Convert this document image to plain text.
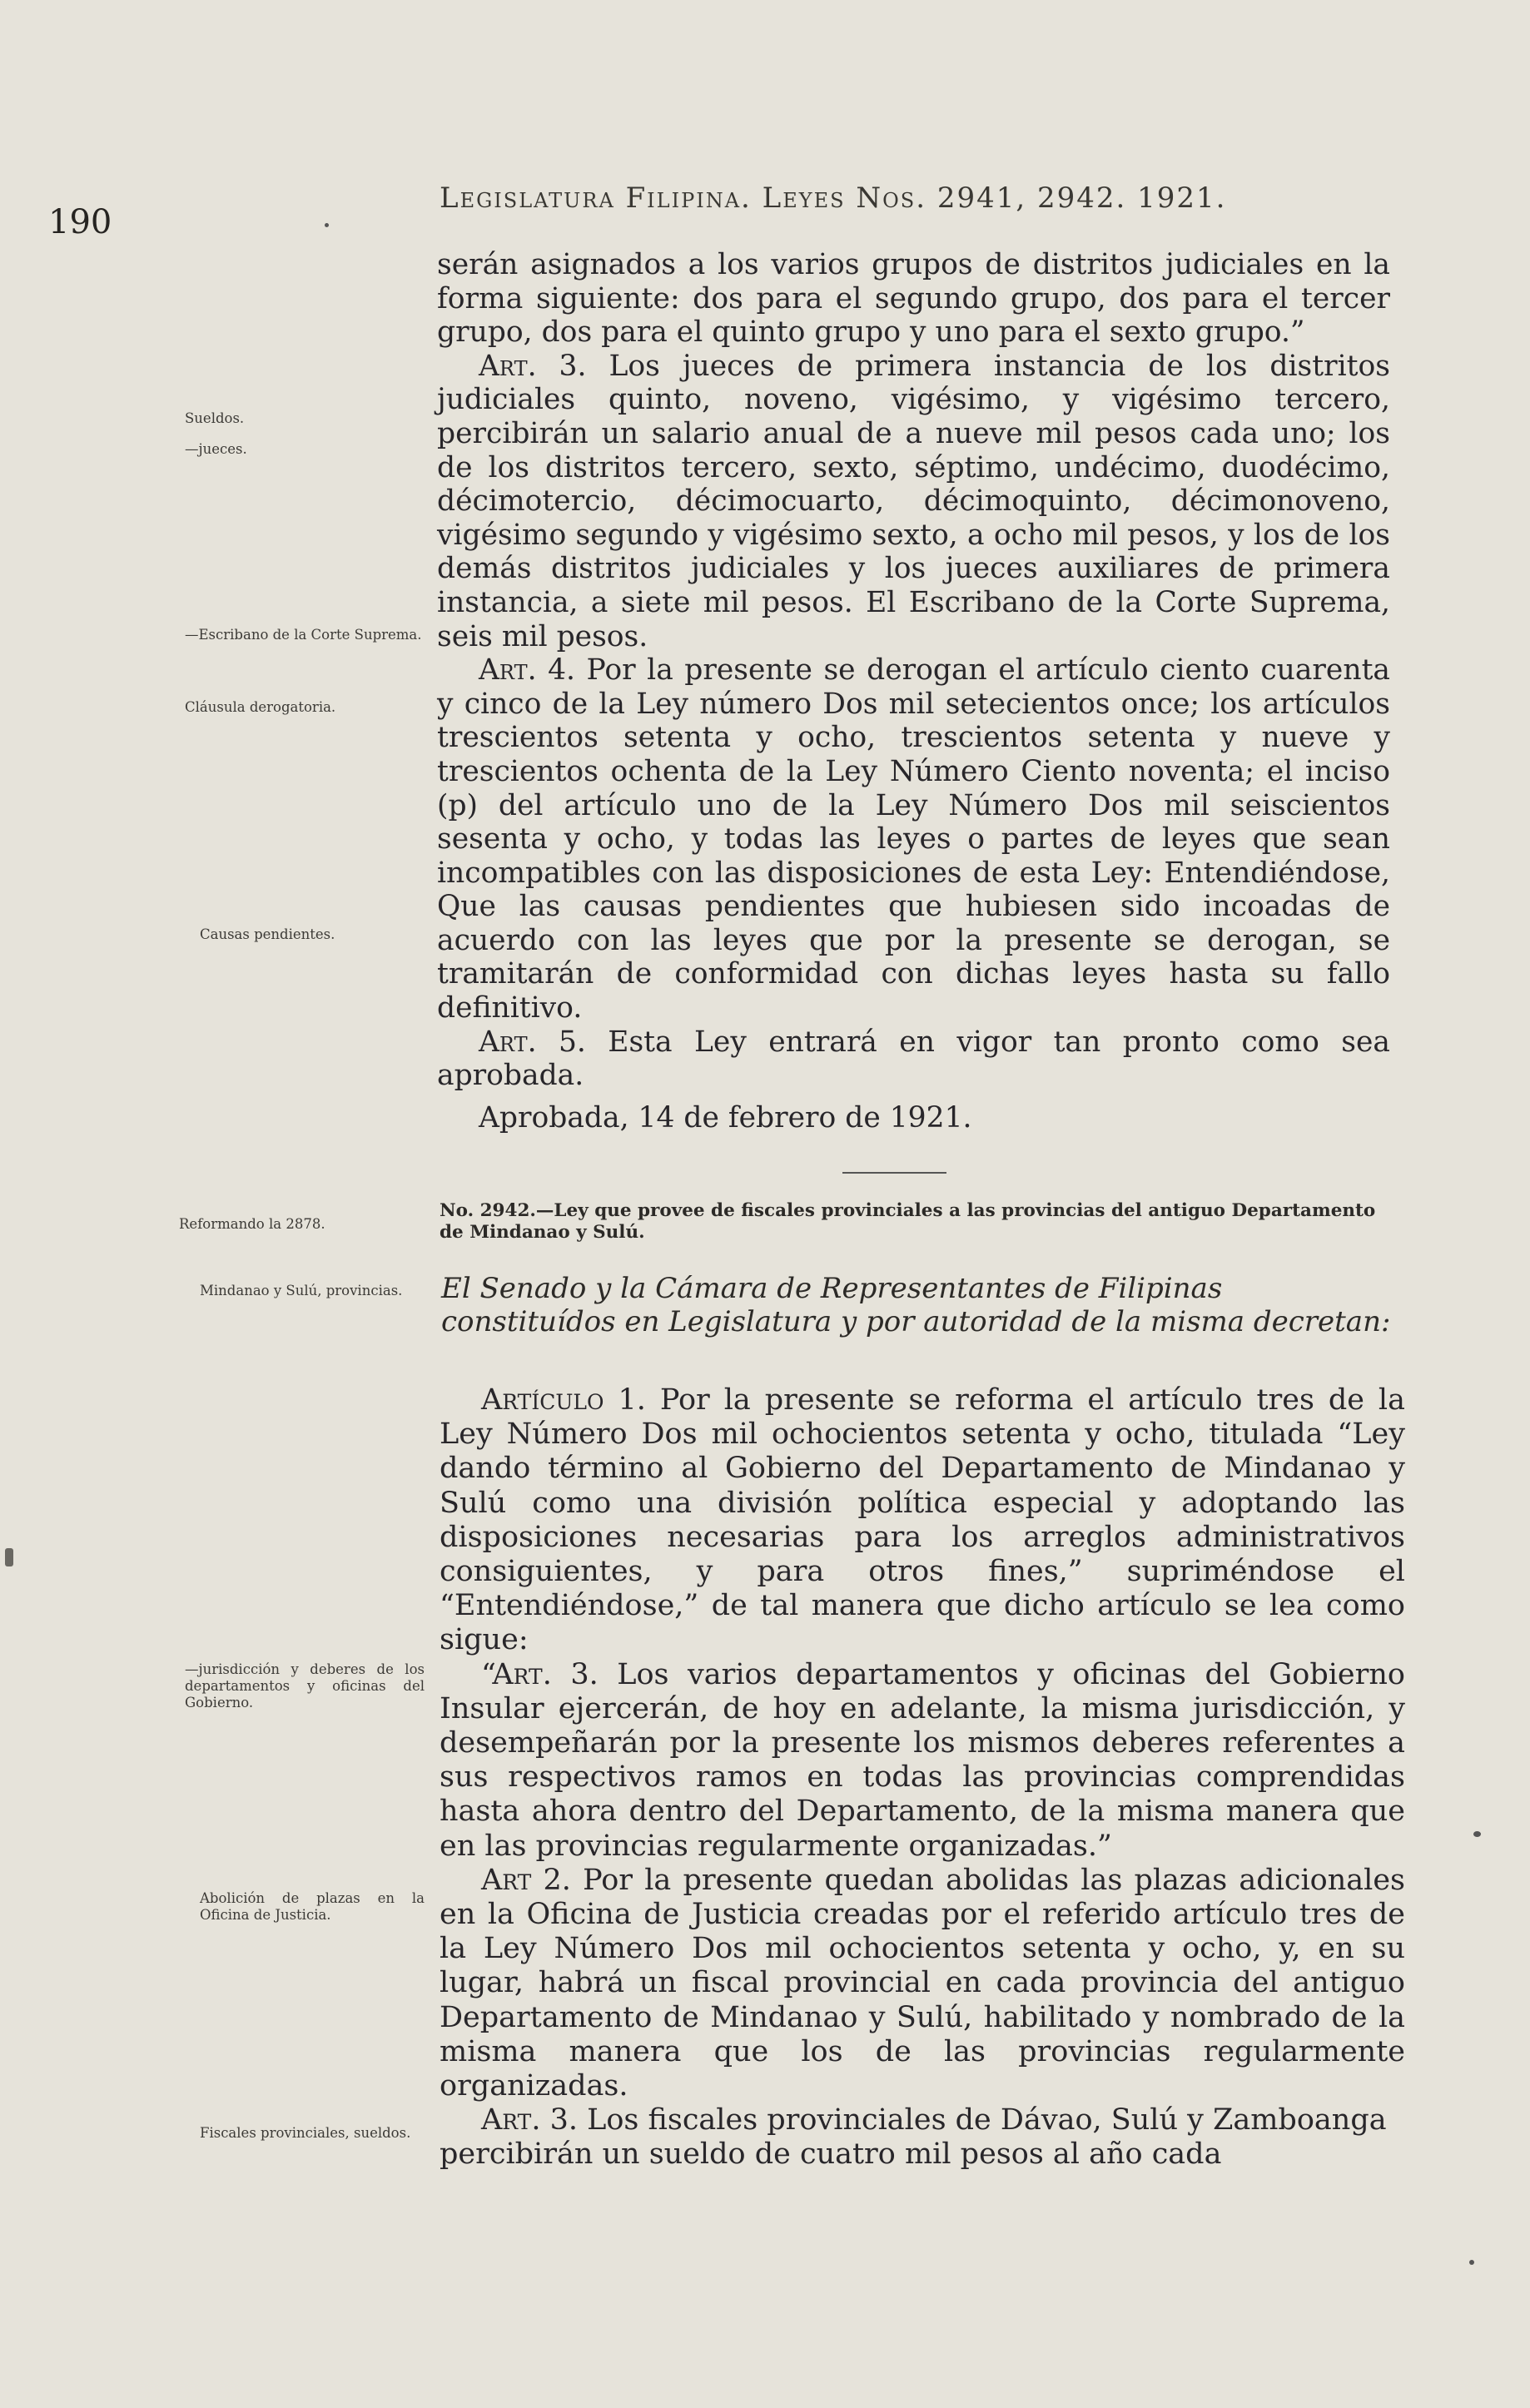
190
Legislatura Filipina. Leyes Nos. 2941, 2942. 1921.

serán asignados a los varios grupos de distritos judiciales en la forma siguiente: dos para el segundo grupo, dos para el tercer grupo, dos para el quinto grupo y uno para el sexto grupo.”

Art. 3. Los jueces de primera instancia de los distritos judiciales quinto, noveno, vigésimo, y vigésimo tercero, percibirán un salario anual de a nueve mil pesos cada uno; los de los distritos tercero, sexto, séptimo, undécimo, duodécimo, décimotercio, décimocuarto, décimoquinto, décimonoveno, vigésimo segundo y vigésimo sexto, a ocho mil pesos, y los de los demás distritos judiciales y los jueces auxiliares de primera instancia, a siete mil pesos. El Escribano de la Corte Suprema, seis mil pesos.

Art. 4. Por la presente se derogan el artículo ciento cuarenta y cinco de la Ley número Dos mil setecientos once; los artículos trescientos setenta y ocho, trescientos setenta y nueve y trescientos ochenta de la Ley Número Ciento noventa; el inciso (p) del artículo uno de la Ley Número Dos mil seiscientos sesenta y ocho, y todas las leyes o partes de leyes que sean incompatibles con las disposiciones de esta Ley: Entendiéndose, Que las causas pendientes que hubiesen sido incoadas de acuerdo con las leyes que por la presente se derogan, se tramitarán de conformidad con dichas leyes hasta su fallo definitivo.

Art. 5. Esta Ley entrará en vigor tan pronto como sea aprobada.

Aprobada, 14 de febrero de 1921.

Sueldos.
—jueces.
—Escribano de la Corte Suprema.
Cláusula derogatoria.
Causas pendientes.
Reformando la 2878.
Mindanao y Sulú, provincias.
—jurisdicción y deberes de los departamentos y oficinas del Gobierno.
Abolición de plazas en la Oficina de Justicia.
Fiscales provinciales, sueldos.
No. 2942.—Ley que provee de fiscales provinciales a las provincias del antiguo Departamento de Mindanao y Sulú.
El Senado y la Cámara de Representantes de Filipinas constituídos en Legislatura y por autoridad de la misma decretan:

Artículo 1. Por la presente se reforma el artículo tres de la Ley Número Dos mil ochocientos setenta y ocho, titulada “Ley dando término al Gobierno del Departamento de Mindanao y Sulú como una división política especial y adoptando las disposiciones necesarias para los arreglos administrativos consiguientes, y para otros fines,” supriméndose el “Entendiéndose,” de tal manera que dicho artículo se lea como sigue:

“Art. 3. Los varios departamentos y oficinas del Gobierno Insular ejercerán, de hoy en adelante, la misma jurisdicción, y desempeñarán por la presente los mismos deberes referentes a sus respectivos ramos en todas las provincias comprendidas hasta ahora dentro del Departamento, de la misma manera que en las provincias regularmente organizadas.”

Art 2. Por la presente quedan abolidas las plazas adicionales en la Oficina de Justicia creadas por el referido artículo tres de la Ley Número Dos mil ochocientos setenta y ocho, y, en su lugar, habrá un fiscal provincial en cada provincia del antiguo Departamento de Mindanao y Sulú, habilitado y nombrado de la misma manera que los de las provincias regularmente organizadas.

Art. 3. Los fiscales provinciales de Dávao, Sulú y Zamboanga percibirán un sueldo de cuatro mil pesos al año cada
